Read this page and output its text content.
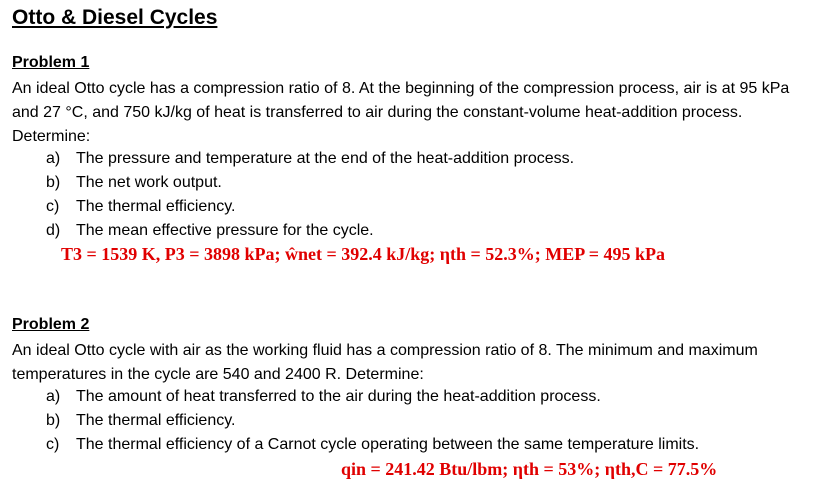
Otto & Diesel Cycles
Problem 1

An ideal Otto cycle has a compression ratio of 8. At the beginning of the compression process, air is at 95 kPa and 27 °C, and 750 kJ/kg of heat is transferred to air during the constant-volume heat-addition process. Determine:

a) The pressure and temperature at the end of the heat-addition process.
b) The net work output.
c) The thermal efficiency.
d) The mean effective pressure for the cycle.
T3 = 1539 K, P3 = 3898 kPa; ŵnet = 392.4 kJ/kg; ηth = 52.3%; MEP = 495 kPa
Problem 2

An ideal Otto cycle with air as the working fluid has a compression ratio of 8. The minimum and maximum temperatures in the cycle are 540 and 2400 R. Determine:

a) The amount of heat transferred to the air during the heat-addition process.
b) The thermal efficiency.
c) The thermal efficiency of a Carnot cycle operating between the same temperature limits.
qin = 241.42 Btu/lbm; ηth = 53%; ηth,C = 77.5%
